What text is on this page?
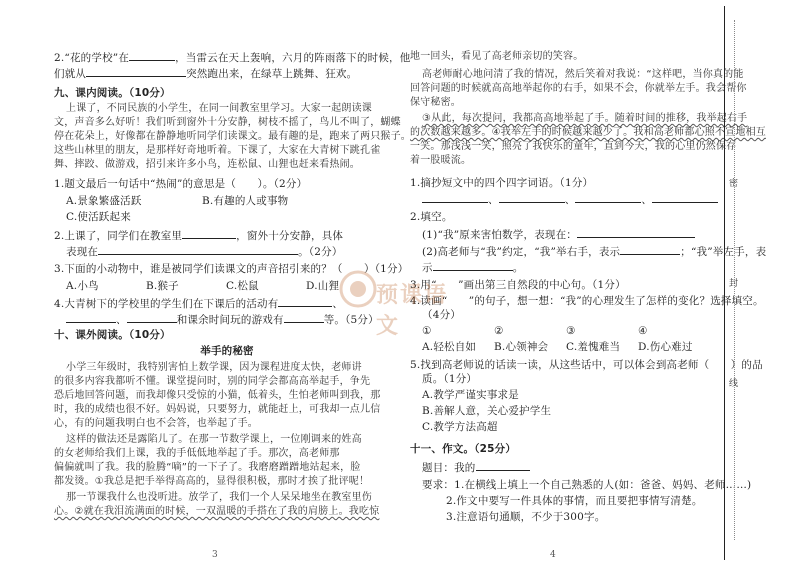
2.“花的学校”在	，当雷云在天上轰响，六月的阵雨落下的时候，他
们就从	突然跑出来，在绿草上跳舞、狂欢。
九、课内阅读。（10分）
上课了，不同民族的小学生，在同一间教室里学习。大家一起朗读课
文，声音多么好听！我们听到窗外十分安静，树枝不摇了，鸟儿不叫了，蝴蝶
停在花朵上，好像都在静静地听同学们读课文。最有趣的是，跑来了两只猴子。
这些山林里的朋友，是那样好奇地听着。下课了，大家在大青树下跳孔雀
舞、摔跤、做游戏，招引来许多小鸟，连松鼠、山狸也赶来看热闹。
1.题文最后一句话中“热闹”的意思是（　　）。（2分）
A.景象繁盛活跃	B.有趣的人或事物
C.使活跃起来
2.上课了，同学们在教室里	，窗外十分安静，具体
表现在	。（2分）
3.下面的小动物中，谁是被同学们读课文的声音招引来的？（　　）（1分）
A.小鸟	B.猴子	C.松鼠	D.山狸
4.大青树下的学校里的学生们在下课后的活动有	、
、	和课余时间玩的游戏有	等。（5分）
十、课外阅读。（10分）
举手的秘密
小学三年级时，我特别害怕上数学课，因为课程进度太快，老师讲
的很多内容我都听不懂。课堂提问时，别的同学会都高高举起手，争先
恐后地回答问题，而我却像只受惊的小猫，低着头，生怕老师叫到我，那
时，我的成绩也很不好。妈妈说，只要努力，就能赶上，可我却一点儿信
心，有的问题我明白也不会答，也举起了手。
这样的做法还是露陷儿了。在那一节数学课上，一位刚调来的姓高
的女老师给我们上课，我的手低低地举起了手。那次，高老师那
偏偏就叫了我。我的脸腾“嘀”的一下子了。我磨磨蹭蹭地站起来，脸
都发烫。①我总是把手举得高高的，显得很积极，那时才挨了批评呢！
那一节课我什么也没听进。放学了，我们一个人呆呆地坐在教室里伤
心。②就在我泪流满面的时候，一双温暖的手搭在了我的肩膀上。我吃惊
3
地一回头，看见了高老师亲切的笑容。
高老师耐心地问清了我的情况，然后笑着对我说：“这样吧，当你真的能
回答问题的时候就高高地举起你的右手，如果不会，你就举左手。我会帮你
保守秘密。
③从此，每次提问，我都高高地举起了手。随着时间的推移，我举起右手
的次数越来越多。④我举左手的时候越来越少了。我和高老师都心照不宣地相互
一笑。那浅浅一笑，照亮了我快乐的童年，直到今天，我的心里仍然保存
着一股暖流。
1.摘抄短文中的四个四字词语。（1分）
、	、	、
2.填空。
(1)“我”原来害怕数学，表现在：
(2)高老师与“我”约定，“我”举右手，表示	；“我”举左手，表
示	。
3.用“　　”画出第三自然段的中心句。（1分）
4.读画“　　”的句子，想一想：“我”的心理发生了怎样的变化？选择填空。
（4分）
①	②	③	④
A.轻松自如 B.心领神会 C.羞愧难当 D.伤心难过
5.找到高老师说的话读一读，从这些话中，可以体会到高老师（　　）的品
质。（1分）
A.教学严谨实事求是
B.善解人意，关心爱护学生
C.教学方法高超
十一、作文。（25分）
题目：我的
要求：1.在横线上填上一个自己熟悉的人(如：爸爸、妈妈、老师……)
2.作文中要写一件具体的事情，而且要把事情写清楚。
3.注意语句通顺，不少于300字。
4
预课语文
密
封
线
